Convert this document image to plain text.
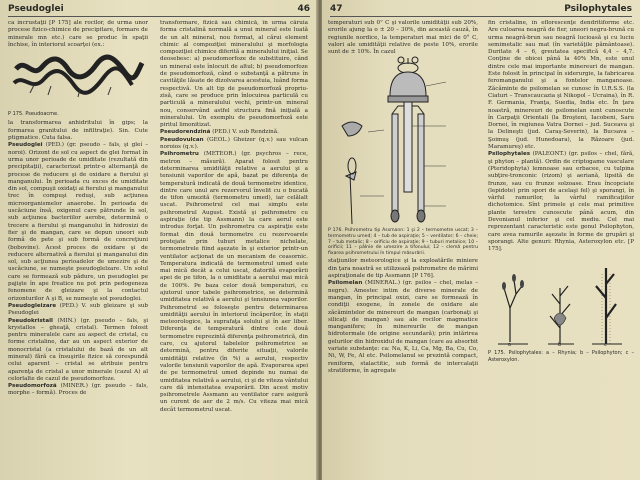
Pseudoglei	46

ca incrustaţii [P 175] ale rocilor, de urma unor procese fizico-chimice de precipitare, formare de minerale mn etc.) care se produc în spaţii închise, în interiorul scoarţei (ex.:

P 175. Pseudoacme.

la transformarea anhidritului în gips; la formarea granitului de infiltraţie). Sin. Cute ptigmatice. Cuta falsa.

Pseudoglei (PED.) (gr. pseudo – fals, şi gleí – noroi). Orizont de sol cu aspect de glei format în urma unor perioade de umiditate (rezultată din precipitaţii), caracterizat printr-o alternanţă de procese de reducere şi de oxidare a fierului şi manganului. În perioada cu exces de umiditate din sol, compuşii oxidaţi ai fierului şi manganului trec în compuşi reduşi, sub acţiunea microorganismelor anaerobe. În perioada de uscăciune însă, oxigenul care pătrunde în sol, sub acţiunea bacteriilor aerobe, determină o trecere a fierului şi manganului în hidroxizi de fier şi de mangan, care se depun uneori sub formă de pete şi sub formă de concreţiuni (bobovine). Acest proces de oxidare şi de reducere alternativă a fierului şi manganului din sol, sub acţiunea perioadelor de umezire şi de uscăciune, se numeşte pseudoglelzare. Un solul care se formează sub pădure, un pseudoglei pe pajişte în ape freatice nu pot prin pedogeneza fenomene de gleizare şi la contactul orizonturilor A şi B, se numeşte sol pseudoglei.

Pseudogleizare (PED.) V. sub gleizare şi sub Pseudoglei

Pseudokristall (MIN.) (gr. pseudo – fals, şi krystallos – gheaţă, cristal). Termen folosit pentru mineralele care au aspect de cristal, cu forme cristaline, dar au un aspect exterior de monocristal (a cristalului de bază de un alt mineral) fără ca însuşirile fizice să corespundă celui aparent – cristal se atribuie pentru aparenţa de cristal a unor minerale (cazul A) al celorlalte de cazul de pseudomorfoze.

Pseudomorfoză (MINER.) (gr. pseudo – fals, morphe – formă). Proces de

transformare, fizică sau chimică, în urma căruia forma cristalină normală a unui mineral este luată de un alt mineral, nou format, al cărui element chimic al compoziţiei mineralului şi morfologia compoziţiei chimice diferită a mineralului iniţial. Se deosebesc: a) pseudomorfoze de substituire, când un mineral este înlocuit de altul; b) pseudomorfoze de pseudomorfoză, când o substanţă a pătruns în cavităţile lăsate de dizolvarea acestuia, luând forma respectivă. Un alt tip de pseudomorfoză propriu-zisă, care se produce prin înlocuirea particulă cu particulă a mineralului vechi, printr-un mineral nou, conservând astfel structura fină iniţială a mineralului. Un exemplu de pseudomorfoză este piritul limonitizat.

Pseudorendzină (PED.) V. sub Rendzină.

Pseudovulcan (GEOL.) Gheizer (q.v.) sau vulcan noroios (q.v.).

Psihrometru (METEOR.) (gr. psychros – rece, metron – măsură). Aparat folosit pentru determinarea umidităţii relative a aerului şi a tensiunii vaporilor de apă, bazat pe diferenţa de temperatură indicată de două termometre identice, dintre care unul are rezervorul învelit cu o bucată de tifon umezită (termometru umed), iar celălalt uscat. Psihrometrul cel mai simplu este psihrometrul August. Există şi psihrometre cu aspiraţie (de tip Assmann) la care aerul este introdus forţat. Un psihrometru cu aspiraţie este format din două termometre cu rezervoarele protejate prin tuburi metalice nichelate, termometrele fiind aşezate în şi exterior printr-un ventilator acţionat de un mecanism de ceasornic. Temperatura indicată de termometrul umed este mai mică decât a celui uscat, datorită evaporării apei de pe tifon, la o umiditate a aerului mai mică de 100%. Pe baza celor două temperaturi, cu ajutorul unor tabele psihrometrice, se determină umiditatea relativă a aerului şi tensiunea vaporilor. Psihrometrul se foloseşte pentru determinarea umidităţii aerului în interiorul încăperilor, în staţii meteorologice, la suprafaţa solului şi în aer liber. Diferenţa de temperatură dintre cele două termometre reprezintă diferenţa psihrometrică, din care, cu ajutorul tabelelor psihrometrice se determină, pentru diferite situaţii, valorile umidităţii relative (în %) a aerului, respectiv valorile tensiunii vaporilor de apă. Evaporarea apei de pe termometrul umed depinde nu numai de umiditatea relativă a aerului, ci şi de viteza vântului care dă intensitatea evaporării. Din acest motiv psihrometrele Assmann au ventilator care asigură un curent de aer de 2 m/s. Cu viteza mai mică decât termometrul uscat.

47	Psilophytales

temperaturi sub 0° C şi valorile umidităţii sub 20%, erorile ajung la o ± 20 – 30%, din această cauză, în regiunile nordice, la temperaturi mai mici de 0° C, valori ale umidităţii relative de peste 10%, erorile sunt de ± 10%. În cazul

P 176. Psihrometru tip Assmann: 1 şi 2 – termometre uscat; 3 – termometru umed; 4 – tub de aspiraţie; 5 – ventilator; 6 – cheie; 7 – tub metalic; 8 – orificiu de aspiraţie; 9 – tuburi metalice; 10 – orificii; 11 – pâlnie de umezire a tifonului; 12 – clemă pentru fixarea psihrometrului în timpul măsurării.

staţiunilor meteorologice şi la exploatările miniere din ţara noastră se utilizează psihrometre de mărimi aspiraţionale de tip Assmann [P 176].

Psilomelan (MINERAL.) (gr. psilos – chel, melas – negru). Amestec intim de diverse minerale de mangan, în principal oxizi, care se formează în condiţii exogene, în zonele de oxidare ale zăcămintelor de minereuri de mangan (carbonaţi şi silicaţi de mangan) sau ale rocilor magmatice manganifere; în minereurile de mangan hidrotermale (de origine secundară); prin intărirea gelurilor din hidroxidul de mangan (care au absorbit variate substanţe: ca: Na, K, Li, Ca, Mg, Ba, Cu, Co, Ni, W, Fe, Al etc. Psilomelanul se prezintă compact, reniform, stalactitic, sub formă de intercalaţii stratiforme, în agregate

fin cristaline, în eflorescenţe dendritiforme etc. Are culoarea neagră de fier, uneori negru-brună cu urma neagră-brun sau neagră lucioasă şi cu luciu semimetalic sau mat (în varietăţile pământoase). Duritate 4 – 6, greutatea specifică 4,4 – 4,7. Conţine de obicei până la 40% Mn, este unul dintre cele mai importante minereuri de mangan. Este folosit în principal în siderurgie, la fabricarea feromanganului şi a fontelor manganoase. Zăcăminte de psilomelan se cunosc în U.R.S.S. (la Ciaturi – Transcaucazia şi Nikopol – Ucraina), în R. F. Germania, Franţa, Suedia, India etc. În ţara noastră, minereuri de psilomelan sunt cunoscute în Carpaţii Orientali (la Broşteni, Iacobeni, Saru Dornei, în regiunea Vatra Dornei – jud. Suceava şi la Delineşti (jud. Caraş-Severin), la Bucsava – Şoimuş (jud. Hunedoara), la Răzoare (jud. Maramureş) etc.

Psilophytales (PALEONT.) (gr. psilos – chel, fără, şi phyton – plantă). Ordin de criptogame vasculare (Pteridophyta) lemnoase sau erbacee, cu tulpina subţire-tronconic (rizom) şi aeriană, lipsită de frunze, sau cu frunze solzoase. Erau încopciate (lepidote) prin spori de acelaşi fel) şi sporangi, în vârful ramurilor, la vârful ramificaţiilor dichotomice. Sînt primele şi cele mai primitive plante terestre cunoscute până acum, din Devonianul inferior şi cel mediu. Cel mai reprezentant caracteristic este genul Psilophyton, care avea ramurile aşezate în forme de grupări şi sporangi. Alte genuri: Rhynia, Asteroxylon etc. [P 175].

a	b	c

P 175. Psilophytales: a – Rhynia; b – Psilophyton; c – Asteroxylon.
